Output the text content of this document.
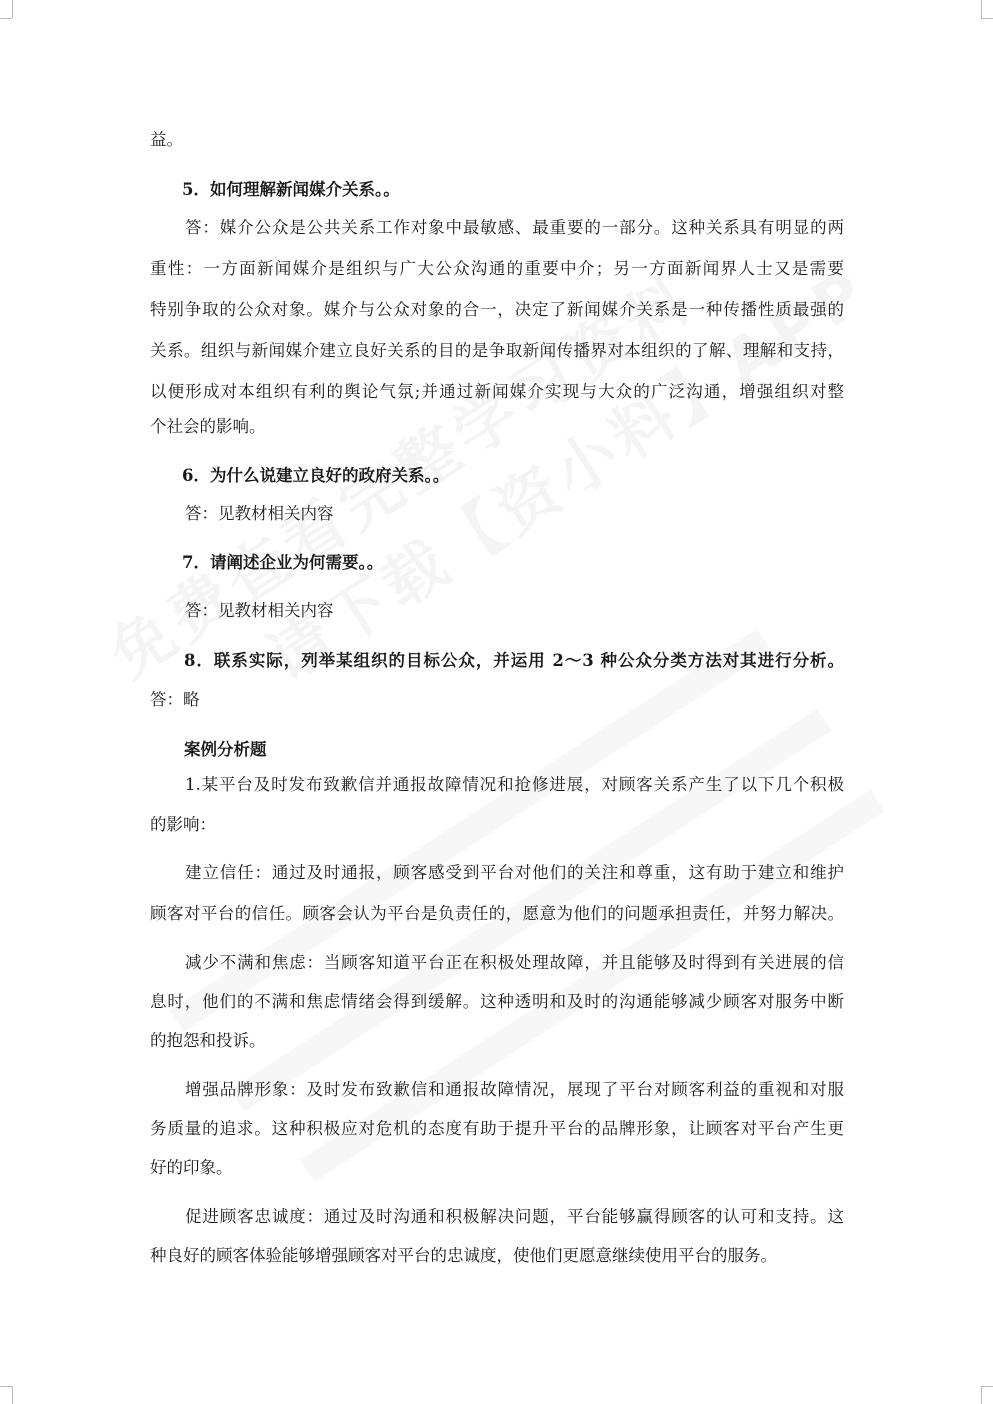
益。
5．如何理解新闻媒介关系。。
答：媒介公众是公共关系工作对象中最敏感、最重要的一部分。这种关系具有明显的两
重性：一方面新闻媒介是组织与广大公众沟通的重要中介；另一方面新闻界人士又是需要
特别争取的公众对象。媒介与公众对象的合一，决定了新闻媒介关系是一种传播性质最强的
关系。组织与新闻媒介建立良好关系的目的是争取新闻传播界对本组织的了解、理解和支持，
以便形成对本组织有利的舆论气氛;并通过新闻媒介实现与大众的广泛沟通，增强组织对整
个社会的影响。
6．为什么说建立良好的政府关系。。
答：见教材相关内容
7．请阐述企业为何需要。。
答：见教材相关内容
8．联系实际，列举某组织的目标公众，并运用 2～3 种公众分类方法对其进行分析。
答：略
案例分析题
1.某平台及时发布致歉信并通报故障情况和抢修进展，对顾客关系产生了以下几个积极
的影响：
建立信任：通过及时通报，顾客感受到平台对他们的关注和尊重，这有助于建立和维护
顾客对平台的信任。顾客会认为平台是负责任的，愿意为他们的问题承担责任，并努力解决。
减少不满和焦虑：当顾客知道平台正在积极处理故障，并且能够及时得到有关进展的信
息时，他们的不满和焦虑情绪会得到缓解。这种透明和及时的沟通能够减少顾客对服务中断
的抱怨和投诉。
增强品牌形象：及时发布致歉信和通报故障情况，展现了平台对顾客利益的重视和对服
务质量的追求。这种积极应对危机的态度有助于提升平台的品牌形象，让顾客对平台产生更
好的印象。
促进顾客忠诚度：通过及时沟通和积极解决问题，平台能够赢得顾客的认可和支持。这
种良好的顾客体验能够增强顾客对平台的忠诚度，使他们更愿意继续使用平台的服务。
